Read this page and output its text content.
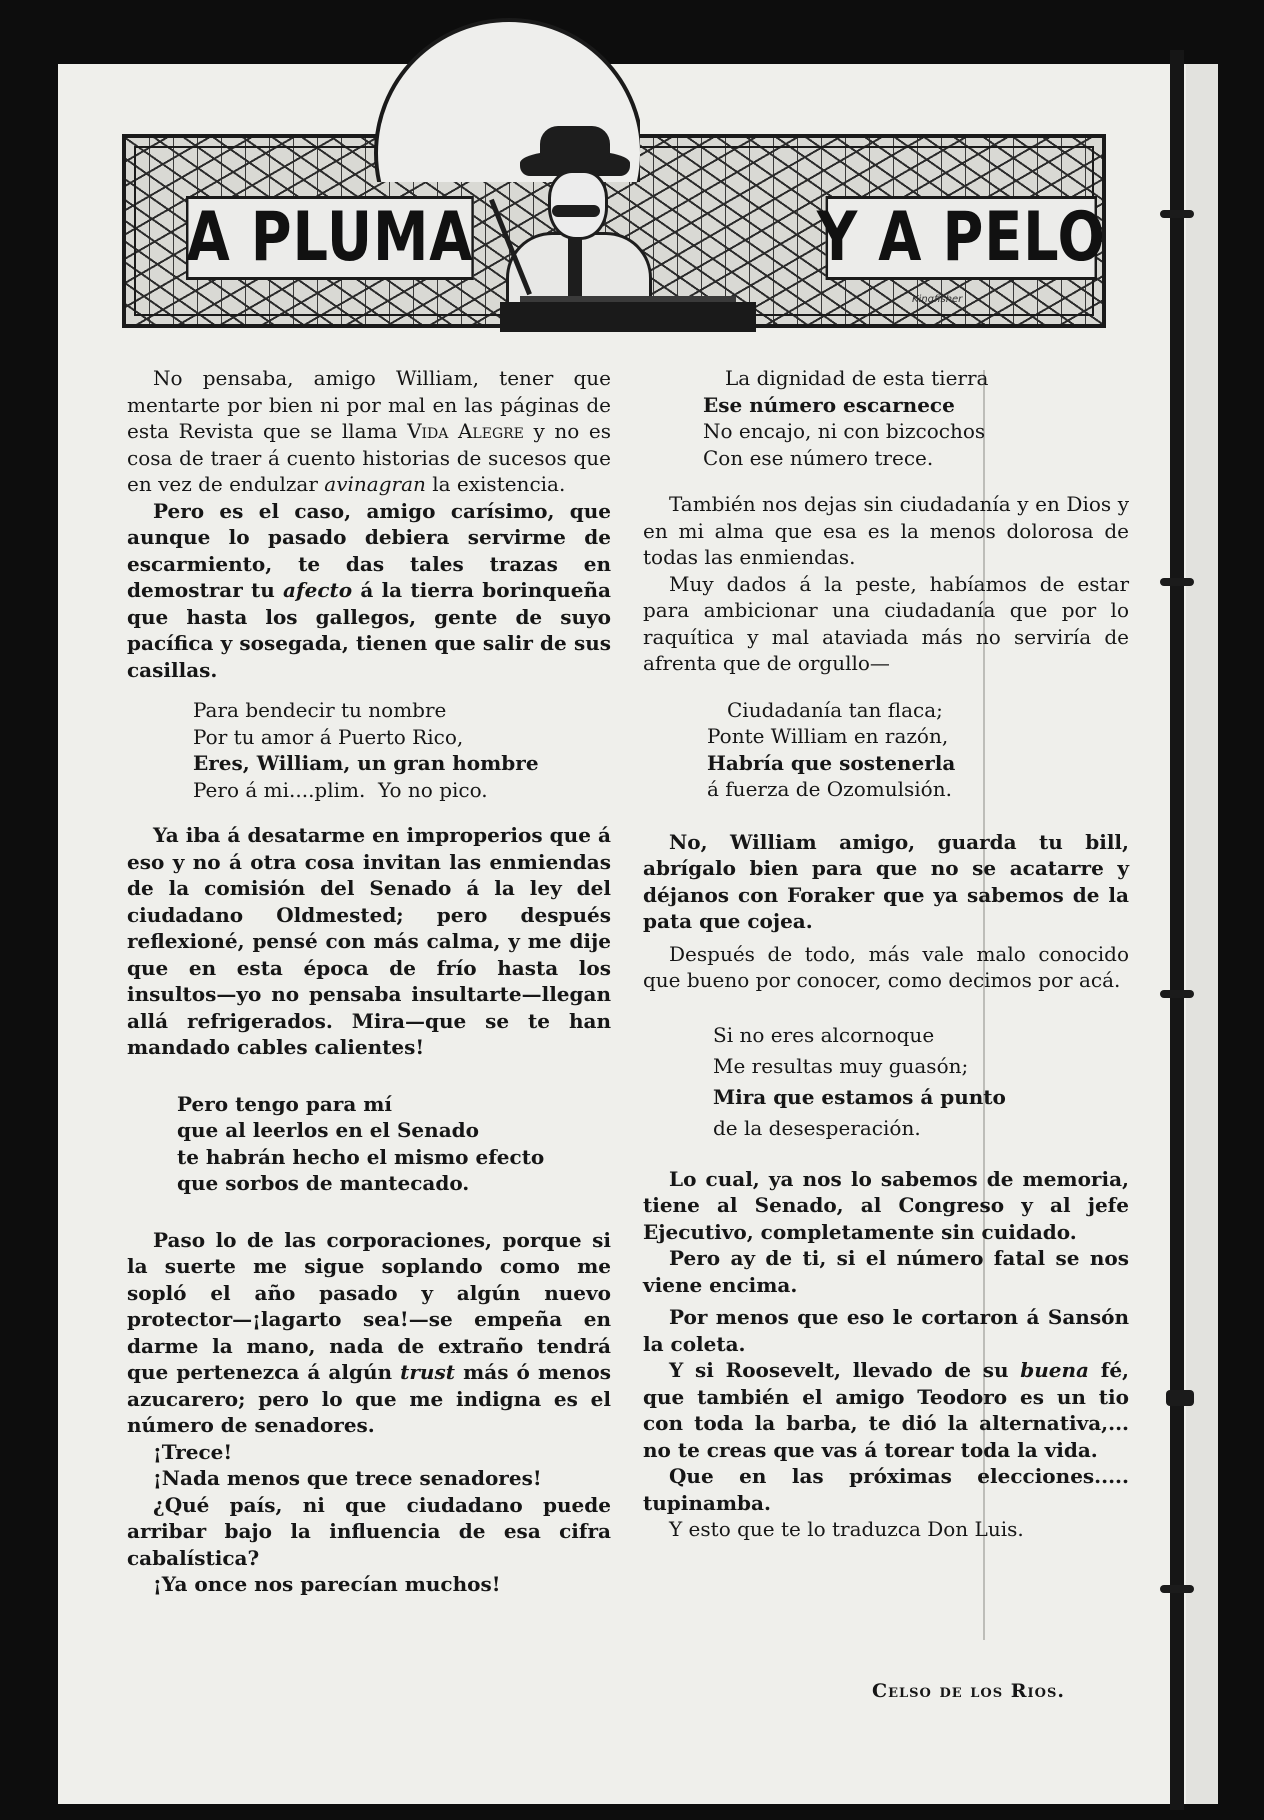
A PLUMA	Y A PELO
Kingfisher

No pensaba, amigo William, tener que mentarte por bien ni por mal en las páginas de esta Revista que se llama Vida Alegre y no es cosa de traer á cuento historias de sucesos que en vez de endulzar avinagran la existencia.

Pero es el caso, amigo carísimo, que aunque lo pasado debiera servirme de escarmiento, te das tales trazas en demostrar tu afecto á la tierra borinqueña que hasta los gallegos, gente de suyo pacífica y sosegada, tienen que salir de sus casillas.

Para bendecir tu nombre

Por tu amor á Puerto Rico,

Eres, William, un gran hombre

Pero á mi....plim.  Yo no pico.

Ya iba á desatarme en improperios que á eso y no á otra cosa invitan las enmiendas de la comisión del Senado á la ley del ciudadano Oldmested; pero después reflexioné, pensé con más calma, y me dije que en esta época de frío hasta los insultos—yo no pensaba insultarte—llegan allá refrigerados. Mira—que se te han mandado cables calientes!

Pero tengo para mí

que al leerlos en el Senado

te habrán hecho el mismo efecto

que sorbos de mantecado.

Paso lo de las corporaciones, porque si la suerte me sigue soplando como me sopló el año pasado y algún nuevo protector—¡lagarto sea!—se empeña en darme la mano, nada de extraño tendrá que pertenezca á algún trust más ó menos azucarero; pero lo que me indigna es el número de senadores.

¡Trece!

¡Nada menos que trece senadores!

¿Qué país, ni que ciudadano puede arribar bajo la influencia de esa cifra cabalística?

¡Ya once nos parecían muchos!

La dignidad de esta tierra

Ese número escarnece

No encajo, ni con bizcochos

Con ese número trece.

También nos dejas sin ciudadanía y en Dios y en mi alma que esa es la menos dolorosa de todas las enmiendas.

Muy dados á la peste, habíamos de estar para ambicionar una ciudadanía que por lo raquítica y mal ataviada más no serviría de afrenta que de orgullo—

Ciudadanía tan flaca;

Ponte William en razón,

Habría que sostenerla

á fuerza de Ozomulsión.

No, William amigo, guarda tu bill, abrígalo bien para que no se acatarre y déjanos con Foraker que ya sabemos de la pata que cojea.

Después de todo, más vale malo conocido que bueno por conocer, como decimos por acá.

Si no eres alcornoque

Me resultas muy guasón;

Mira que estamos á punto

de la desesperación.

Lo cual, ya nos lo sabemos de memoria, tiene al Senado, al Congreso y al jefe Ejecutivo, completamente sin cuidado.

Pero ay de ti, si el número fatal se nos viene encima.

Por menos que eso le cortaron á Sansón la coleta.

Y si Roosevelt, llevado de su buena fé, que también el amigo Teodoro es un tio con toda la barba, te dió la alternativa,... no te creas que vas á torear toda la vida.

Que en las próximas elecciones..... tupinamba.

Y esto que te lo traduzca Don Luis.

Celso de los Rios.
